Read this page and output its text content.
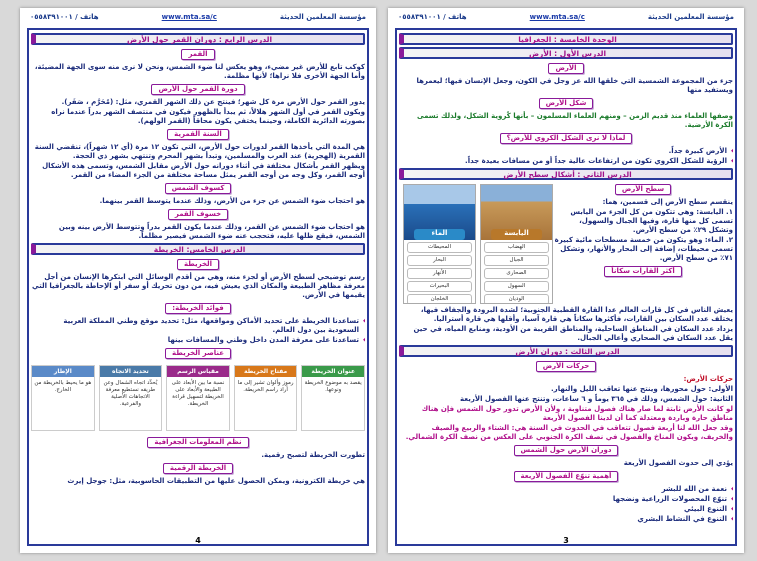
مؤسسة المعلمين الحديثة
www.mta.sa/c
هاتف / ٠٥٥٨٣٩١٠٠١
الوحدة الخامسة : الجغرافيا
الدرس الأول : الأرض
الأرض
جزء من المجموعة الشمسية التي خلقها الله عز وجل في الكون، وجعل الإنسان فيها؛ ليعمرها ويستفيد منها
شكل الأرض
وصفها العلماء منذ قديم الزمن – ومنهم العلماء المسلمون – بأنها كُروية الشكل، ولذلك تسمى الكرة الأرضية.
لماذا لا نرى الشكل الكروي للأرض؟
◆ الأرض كبيرة جداً.
◆ الرؤية للشكل الكروي تكون من ارتفاعات عالية جداً أو من مسافات بعيدة جداً.
الدرس الثاني : أشكال سطح الأرض
الماء
المحيطات
البحار
الأنهار
البحيرات
الخلجان
اليابسة
الهضاب
الجبال
الصحارى
السهول
الوديان
سطح الأرض
ينقسم سطح الأرض إلى قسمين، هما:
١. اليابسة: وهي تتكون من كل الجزء من اليابس تسمى كل منها قارة، وفيها الجبال والسهول، وتشكل ٢٩٪ من سطح الأرض.
٢. الماء: وهو يتكون من خمسة مسطحات مائية كبيرة تسمى محيطات، إضافة إلى البحار والأنهار، وتشكل ٧١٪ من سطح الأرض.
أكثر القارات سكاناً
يعيش الناس في كل قارات العالم عدا القارة القطبية الجنوبية؛ لشدة البرودة والجفاف فيها، يختلف عدد السكان بين القارات، فأكثرها سكاناً هي قارة آسيا، وأقلها هي قارة أستراليا.
يزداد عدد السكان في المناطق الساحلية، والمناطق القريبة من الأودية، ومنابع المياه، في حين يقل عدد السكان في الصحاري وأعالي الجبال.
الدرس الثالث : دوران الأرض
حركات الأرض
حركات الأرض:
الأولى: حول محورها، وينتج عنها تعاقب الليل والنهار.
الثانية: حول الشمس، وذلك في ٣٦٥ يوماً و ٦ ساعات، وتنتج عنها الفصول الأربعة
لو كانت الأرض ثابتة لما صار هناك فصول متناوبة ، ولأن الأرض تدور حول الشمس فإن هناك مناطق حارة وباردة ومعتدلة كما أن لدينا الفصول الأربعة
وقد جعل الله لنا أربعة فصول تتعاقب في الحدوث في السنة هي: الشتاء والربيع والصيف والخريف، ويكون المناخ والفصول في نصف الكرة الجنوبي على العكس من نصف الكرة الشمالي.
دوران الأرض حول الشمس
يؤدي إلى حدوث الفصول الأربعة
أهمية تنوّع الفصول الأربعة
◆ نعمة من الله للبشر
◆ تنوّع المحصولات الزراعية ونضجها
◆ التنوع البيئي
◆ التنوع في النشاط البشري
3
مؤسسة المعلمين الحديثة
www.mta.sa/c
هاتف / ٠٥٥٨٣٩١٠٠١
الدرس الرابع : دوران القمر حول الأرض
القمر
كوكب تابع للأرض غير مضيء، وهو يعكس لنا ضوء الشمس، ونحن لا نرى منه سوى الجهة المضيئة، وأما الجهة الأخرى فلا نراها؛ لأنها مظلمة.
دورة القمر حول الأرض
يدور القمر حول الأرض مرة كل شهر؛ فينتج عن ذلك الشهر القمري، مثل: (مُحَرَّم ، صَفَر).
ويكون القمر في أول الشهر هلالاً، ثم يبدأ بالظهور فيكون في منتصف الشهر بدراً عندما نراه بصورته الدائرية الكاملة، وحينما يختفي يكون محاقاً (القمر الولهم).
السنة القمرية
هي المدة التي يأخذها القمر لدورات حول الأرض، التي تكون ١٢ مرة (أي ١٢ شهراً)، تنقضي السنة القمرية (الهجرية) عند العرب والمسلمين، وتبدأ بشهر المحرم وتنتهي بشهر ذي الحجة.
ويظهر القمر بأشكال مختلفة في أثناء دورانه حول الأرض مقابل الشمس، وتسمى هذه الأشكال أوجه القمر، وكل وجه من أوجه القمر يمثل مساحة مختلفة من الجزء المضاء من القمر.
كسوف الشمس
هو احتجاب ضوء الشمس عن جزء من الأرض، وذلك عندما يتوسط القمر بينهما.
خسوف القمر
هو احتجاب ضوء الشمس عن القمر، وذلك عندما يكون القمر بدراً وتتوسط الأرض بينه وبين الشمس، فيقع ظلها عليه، فتحجب عنه ضوء الشمس فيصير مظلماً.
الدرس الخامس: الخريطة
الخريطة
رسم توضيحي لسطح الأرض أو لجزء منه، وهي من أقدم الوسائل التي ابتكرها الإنسان من أجل معرفة مظاهر الطبيعة والمكان الذي يعيش فيه، من دون تحريك أو سفر أو الإحاطة بالجغرافيا التي يقيمها في الأرض.
فوائد الخريطة:
◆ تساعدنا الخريطة على تحديد الأماكن ومواقعها، مثل: تحديد موقع وطني المملكة العربية السعودية بين دول العالم.
◆ تساعدنا على معرفة المدن داخل وطني والمسافات بينها
عناصر الخريطة
عنوان الخريطة
يقصد به موضوع الخريطة ونوعها.
مفتاح الخريطة
رموز وألوان تشير إلى ما أراد راسم الخريطة.
مقياس الرسم
نسبة ما بين الأبعاد على الطبيعة والأبعاد على الخريطة لتسهيل قراءة الخريطة.
تحديد الاتجاه
يُحدِّد اتجاه الشمال وعن طريقه نستطيع معرفة الاتجاهات الأصلية والفرعية.
الإطار
هو ما يحيط بالخريطة من الخارج.
نظم المعلومات الجغرافية
تطورت الخريطة لتصبح رقمية.
الخريطة الرقمية
هي خريطة الكترونية، ويمكن الحصول عليها من التطبيقات الحاسوبية، مثل: جوجل إيرث
4
